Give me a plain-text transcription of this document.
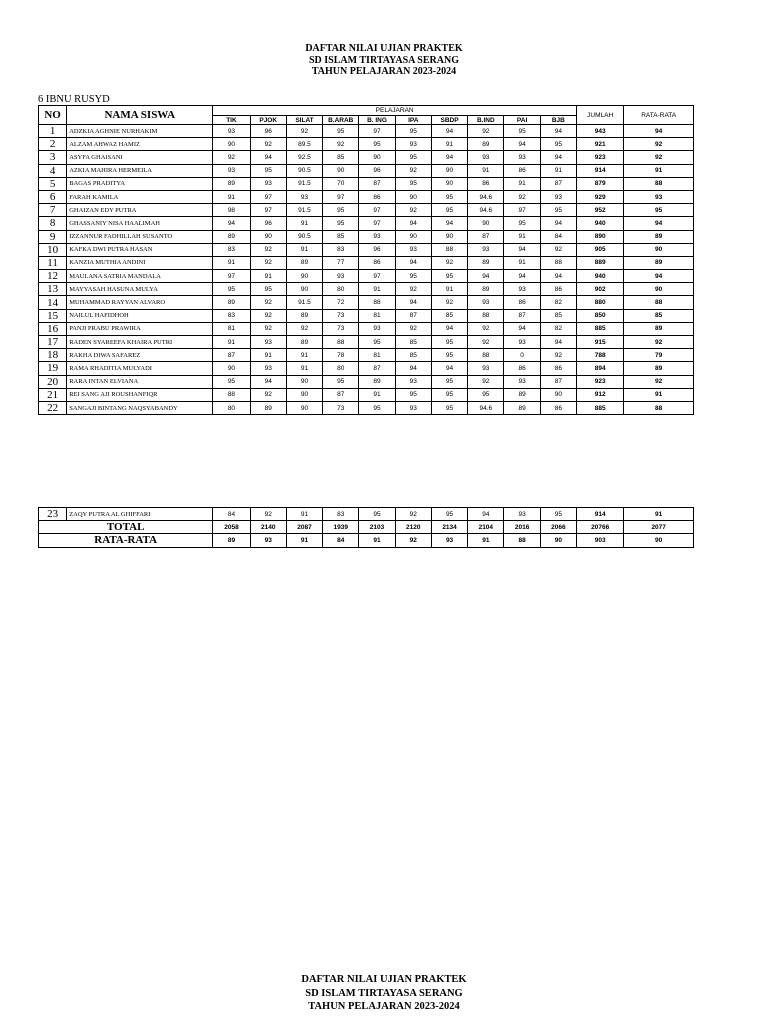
DAFTAR NILAI UJIAN PRAKTEK
SD ISLAM TIRTAYASA SERANG
TAHUN PELAJARAN 2023-2024
6 IBNU RUSYD
NO	NAMA SISWA	PELAJARAN										JUMLAH	RATA-RATA
		TIK	PJOK	SILAT	B.ARAB	B. ING	IPA	SBDP	B.IND	PAI	BJB		
1	ADZKIA AGHNIE NURHAKIM	93	96	92	95	97	95	94	92	95	94	943	94
2	ALZAM AHWAZ HAMIZ	90	92	89.5	92	95	93	91	89	94	95	921	92
3	ASYFA GHAISANI	92	94	92.5	85	90	95	94	93	93	94	923	92
4	AZKIA MAHIRA HERMEILA	93	95	90.5	90	96	92	90	91	86	91	914	91
5	BAGAS PRADITYA	89	93	91.5	70	87	95	90	86	91	87	879	88
6	FARAH KAMILA	91	97	93	97	86	90	95	94.6	92	93	929	93
7	GHAIZAN EDY PUTRA	98	97	91.5	95	97	92	95	94.6	97	95	952	95
8	GHASSANIY NISA HAALIMAH	94	96	91	95	97	94	94	90	95	94	940	94
9	IZZANNUR FADHILLAH SUSANTO	89	90	90.5	85	93	90	90	87	91	84	890	89
10	KAFKA DWI PUTRA HASAN	83	92	91	83	96	93	88	93	94	92	905	90
11	KANZIA MUTHIA ANDINI	91	92	89	77	86	94	92	89	91	88	889	89
12	MAULANA SATRIA MANDALA	97	91	90	93	97	95	95	94	94	94	940	94
13	MAYYASAH HASUNA MULYA	95	95	90	80	91	92	91	89	93	86	902	90
14	MUHAMMAD RAYYAN ALVARO	89	92	91.5	72	88	94	92	93	86	82	880	88
15	NAILUL HAFIDHOH	83	92	89	73	81	87	85	88	87	85	850	85
16	PANJI PRABU PRAWIRA	81	92	92	73	93	92	94	92	94	82	885	89
17	RADEN SYAREEFA KHAIRA PUTRI	91	93	89	88	95	85	95	92	93	94	915	92
18	RAKHA DIWA SAFAREZ	87	91	91	78	81	85	95	88	0	92	788	79
19	RAMA RHADITIA MULYADI	90	93	91	80	87	94	94	93	86	86	894	89
20	RARA INTAN ELVIANA	95	94	90	95	89	93	95	92	93	87	923	92
21	REI SANG AJI ROUSHANFIQR	88	92	90	87	91	95	95	95	89	90	912	91
22	SANGAJI BINTANG NAQSYABANDY	80	89	90	73	95	93	95	94.6	89	86	885	88
23	ZAQY PUTRA AL GHIFFARI	84	92	91	83	95	92	95	94	93	95	914	91
TOTAL		2058	2140	2087	1939	2103	2120	2134	2104	2016	2066	20766	2077
RATA-RATA		89	93	91	84	91	92	93	91	88	90	903	90
DAFTAR NILAI UJIAN PRAKTEK
SD ISLAM TIRTAYASA SERANG
TAHUN PELAJARAN 2023-2024
